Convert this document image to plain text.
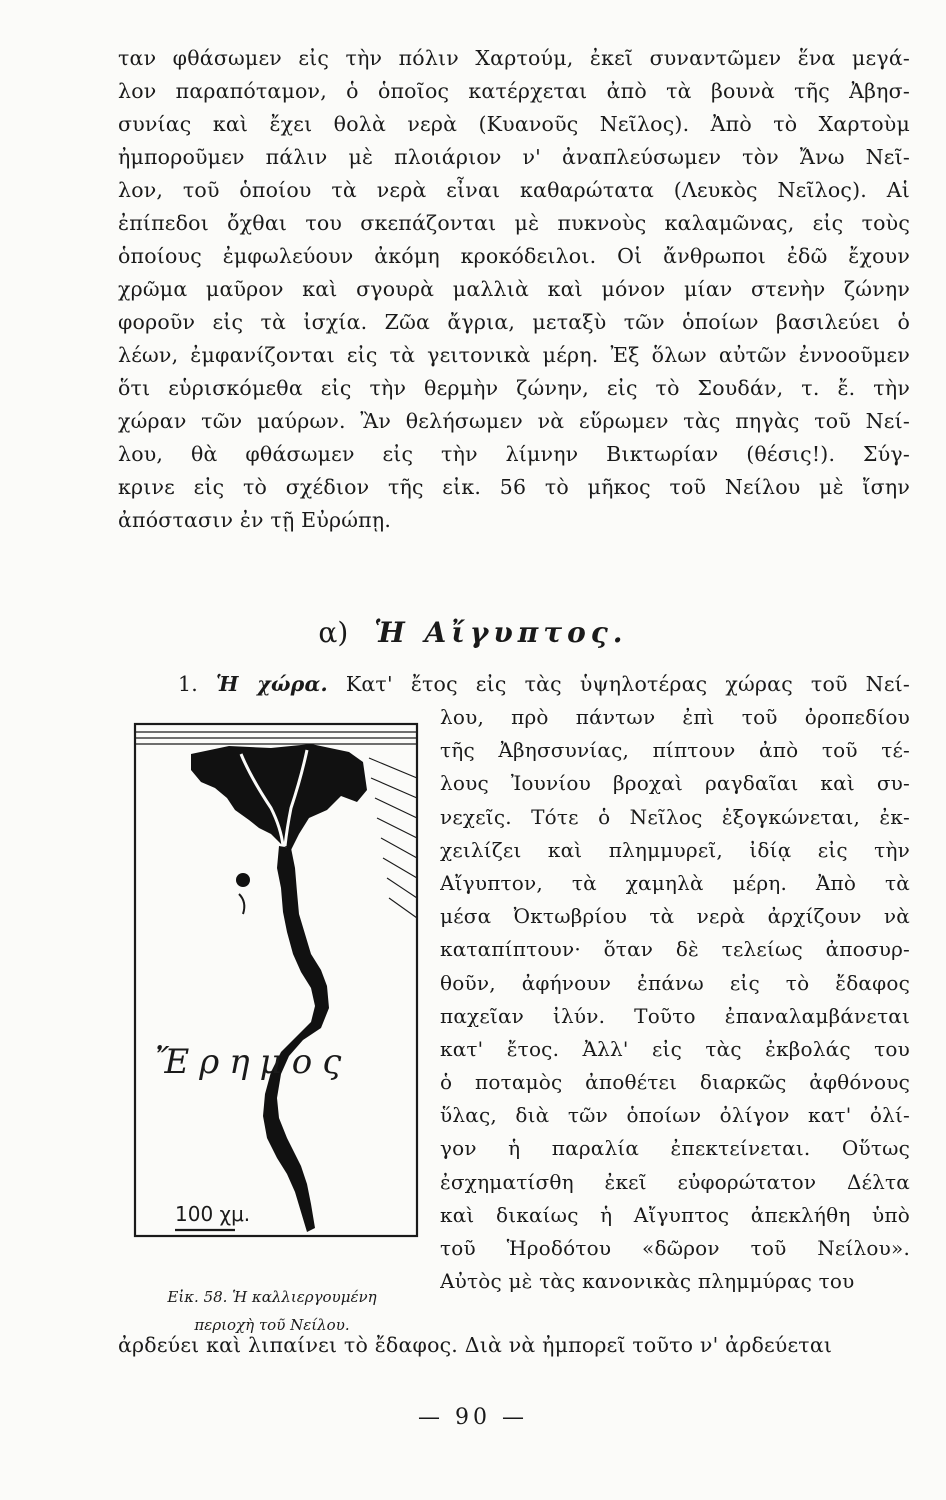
ταν φθάσωμεν εἰς τὴν πόλιν Χαρτούμ, ἐκεῖ συναντῶμεν ἕνα μεγά-
λον παραπόταμον, ὁ ὁποῖος κατέρχεται ἀπὸ τὰ βουνὰ τῆς Ἀβησ-
συνίας καὶ ἔχει θολὰ νερὰ (Κυανοῦς Νεῖλος). Ἀπὸ τὸ Χαρτοὺμ
ἠμποροῦμεν πάλιν μὲ πλοιάριον ν' ἀναπλεύσωμεν τὸν Ἄνω Νεῖ-
λον, τοῦ ὁποίου τὰ νερὰ εἶναι καθαρώτατα (Λευκὸς Νεῖλος). Αἱ
ἐπίπεδοι ὄχθαι του σκεπάζονται μὲ πυκνοὺς καλαμῶνας, εἰς τοὺς
ὁποίους ἐμφωλεύουν ἀκόμη κροκόδειλοι. Οἱ ἄνθρωποι ἐδῶ ἔχουν
χρῶμα μαῦρον καὶ σγουρὰ μαλλιὰ καὶ μόνον μίαν στενὴν ζώνην
φοροῦν εἰς τὰ ἰσχία. Ζῶα ἄγρια, μεταξὺ τῶν ὁποίων βασιλεύει ὁ
λέων, ἐμφανίζονται εἰς τὰ γειτονικὰ μέρη. Ἐξ ὅλων αὐτῶν ἐννοοῦμεν
ὅτι εὑρισκόμεθα εἰς τὴν θερμὴν ζώνην, εἰς τὸ Σουδάν, τ. ἔ. τὴν
χώραν τῶν μαύρων. Ἂν θελήσωμεν νὰ εὕρωμεν τὰς πηγὰς τοῦ Νεί-
λου, θὰ φθάσωμεν εἰς τὴν λίμνην Βικτωρίαν (θέσις!). Σύγ-
κρινε εἰς τὸ σχέδιον τῆς εἰκ. 56 τὸ μῆκος τοῦ Νείλου μὲ ἴσην
ἀπόστασιν ἐν τῇ Εὐρώπῃ.
α) Ἡ Αἴγυπτος.
1. Ἡ χώρα. Κατ' ἔτος εἰς τὰς ὑψηλοτέρας χώρας τοῦ Νεί-
λου, πρὸ πάντων ἐπὶ τοῦ ὀροπεδίου
τῆς Ἀβησσυνίας, πίπτουν ἀπὸ τοῦ τέ-
λους Ἰουνίου βροχαὶ ραγδαῖαι καὶ συ-
νεχεῖς. Τότε ὁ Νεῖλος ἐξογκώνεται, ἐκ-
χειλίζει καὶ πλημμυρεῖ, ἰδίᾳ εἰς τὴν
Αἴγυπτον, τὰ χαμηλὰ μέρη. Ἀπὸ τὰ
μέσα Ὀκτωβρίου τὰ νερὰ ἀρχίζουν νὰ
καταπίπτουν· ὅταν δὲ τελείως ἀποσυρ-
θοῦν, ἀφήνουν ἐπάνω εἰς τὸ ἔδαφος
παχεῖαν ἰλύν. Τοῦτο ἐπαναλαμβάνεται
κατ' ἔτος. Ἀλλ' εἰς τὰς ἐκβολάς του
ὁ ποταμὸς ἀποθέτει διαρκῶς ἀφθόνους
ὕλας, διὰ τῶν ὁποίων ὀλίγον κατ' ὀλί-
γον ἡ παραλία ἐπεκτείνεται. Οὕτως
ἐσχηματίσθη ἐκεῖ εὐφορώτατον Δέλτα
καὶ δικαίως ἡ Αἴγυπτος ἀπεκλήθη ὑπὸ
τοῦ Ἡροδότου «δῶρον τοῦ Νείλου».
Αὐτὸς μὲ τὰς κανονικὰς πλημμύρας του
Ἔρημος
100 χμ.
Εἰκ. 58. Ἡ καλλιεργουμένη
περιοχὴ τοῦ Νείλου.
ἀρδεύει καὶ λιπαίνει τὸ ἔδαφος. Διὰ νὰ ἠμπορεῖ τοῦτο ν' ἀρδεύεται
— 90 —
